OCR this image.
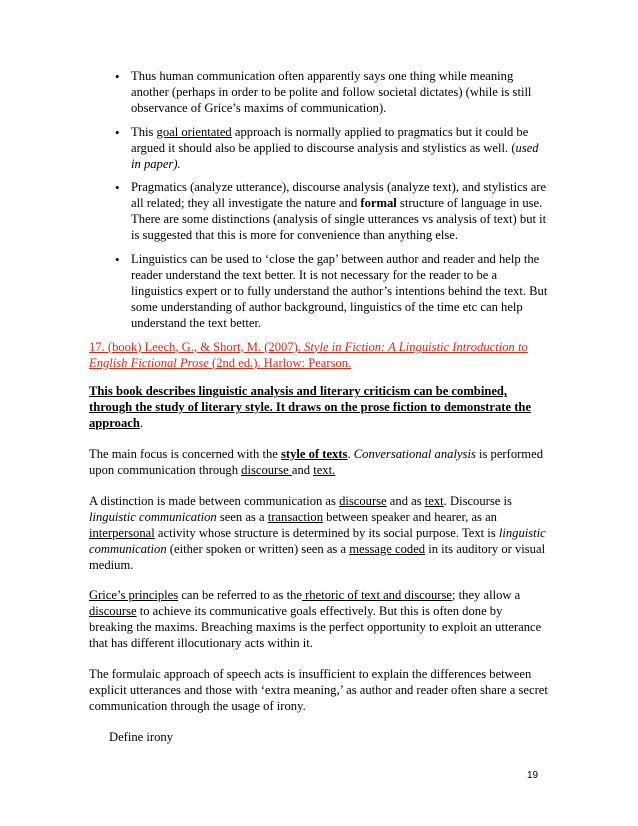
• Thus human communication often apparently says one thing while meaning another (perhaps in order to be polite and follow societal dictates) (while is still observance of Grice’s maxims of communication).
• This goal orientated approach is normally applied to pragmatics but it could be argued it should also be applied to discourse analysis and stylistics as well. (used in paper).
• Pragmatics (analyze utterance), discourse analysis (analyze text), and stylistics are all related; they all investigate the nature and formal structure of language in use. There are some distinctions (analysis of single utterances vs analysis of text) but it is suggested that this is more for convenience than anything else.
• Linguistics can be used to ‘close the gap’ between author and reader and help the reader understand the text better. It is not necessary for the reader to be a linguistics expert or to fully understand the author’s intentions behind the text. But some understanding of author background, linguistics of the time etc can help understand the text better.

17. (book) Leech, G., & Short, M. (2007). Style in Fiction: A Linguistic Introduction to English Fictional Prose (2nd ed.). Harlow: Pearson.

This book describes linguistic analysis and literary criticism can be combined, through the study of literary style. It draws on the prose fiction to demonstrate the approach.

The main focus is concerned with the style of texts. Conversational analysis is performed upon communication through discourse and text.

A distinction is made between communication as discourse and as text. Discourse is linguistic communication seen as a transaction between speaker and hearer, as an interpersonal activity whose structure is determined by its social purpose. Text is linguistic communication (either spoken or written) seen as a message coded in its auditory or visual medium.

Grice’s principles can be referred to as the rhetoric of text and discourse; they allow a discourse to achieve its communicative goals effectively. But this is often done by breaking the maxims. Breaching maxims is the perfect opportunity to exploit an utterance that has different illocutionary acts within it.

The formulaic approach of speech acts is insufficient to explain the differences between explicit utterances and those with ‘extra meaning,’ as author and reader often share a secret communication through the usage of irony.

Define irony

19
